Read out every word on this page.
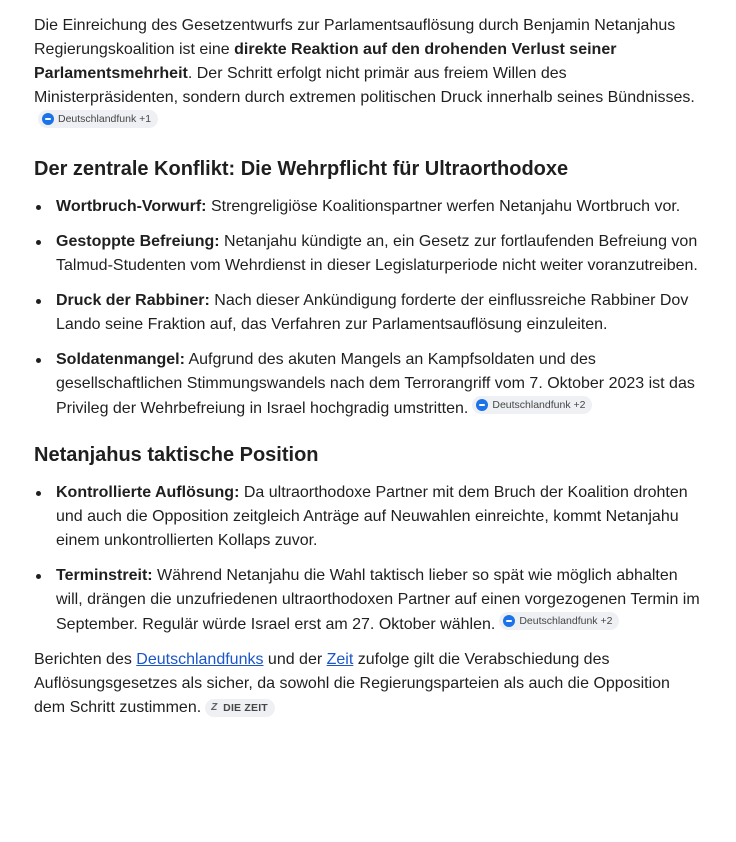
Die Einreichung des Gesetzentwurfs zur Parlamentsauflösung durch Benjamin Netanjahus Regierungskoalition ist eine direkte Reaktion auf den drohenden Verlust seiner Parlamentsmehrheit. Der Schritt erfolgt nicht primär aus freiem Willen des Ministerpräsidenten, sondern durch extremen politischen Druck innerhalb seines Bündnisses.
Deutschlandfunk +1

Der zentrale Konflikt: Die Wehrpflicht für Ultraorthodoxe
Wortbruch-Vorwurf: Strengreligiöse Koalitionspartner werfen Netanjahu Wortbruch vor.
Gestoppte Befreiung: Netanjahu kündigte an, ein Gesetz zur fortlaufenden Befreiung von Talmud-Studenten vom Wehrdienst in dieser Legislaturperiode nicht weiter voranzutreiben.
Druck der Rabbiner: Nach dieser Ankündigung forderte der einflussreiche Rabbiner Dov Lando seine Fraktion auf, das Verfahren zur Parlamentsauflösung einzuleiten.
Soldatenmangel: Aufgrund des akuten Mangels an Kampfsoldaten und des gesellschaftlichen Stimmungswandels nach dem Terrorangriff vom 7. Oktober 2023 ist das Privileg der Wehrbefreiung in Israel hochgradig umstritten. Deutschlandfunk +2
Netanjahus taktische Position
Kontrollierte Auflösung: Da ultraorthodoxe Partner mit dem Bruch der Koalition drohten und auch die Opposition zeitgleich Anträge auf Neuwahlen einreichte, kommt Netanjahu einem unkontrollierten Kollaps zuvor.
Terminstreit: Während Netanjahu die Wahl taktisch lieber so spät wie möglich abhalten will, drängen die unzufriedenen ultraorthodoxen Partner auf einen vorgezogenen Termin im September. Regulär würde Israel erst am 27. Oktober wählen. Deutschlandfunk +2

Berichten des Deutschlandfunks und der Zeit zufolge gilt die Verabschiedung des Auflösungsgesetzes als sicher, da sowohl die Regierungsparteien als auch die Opposition dem Schritt zustimmen. Z DIE ZEIT
